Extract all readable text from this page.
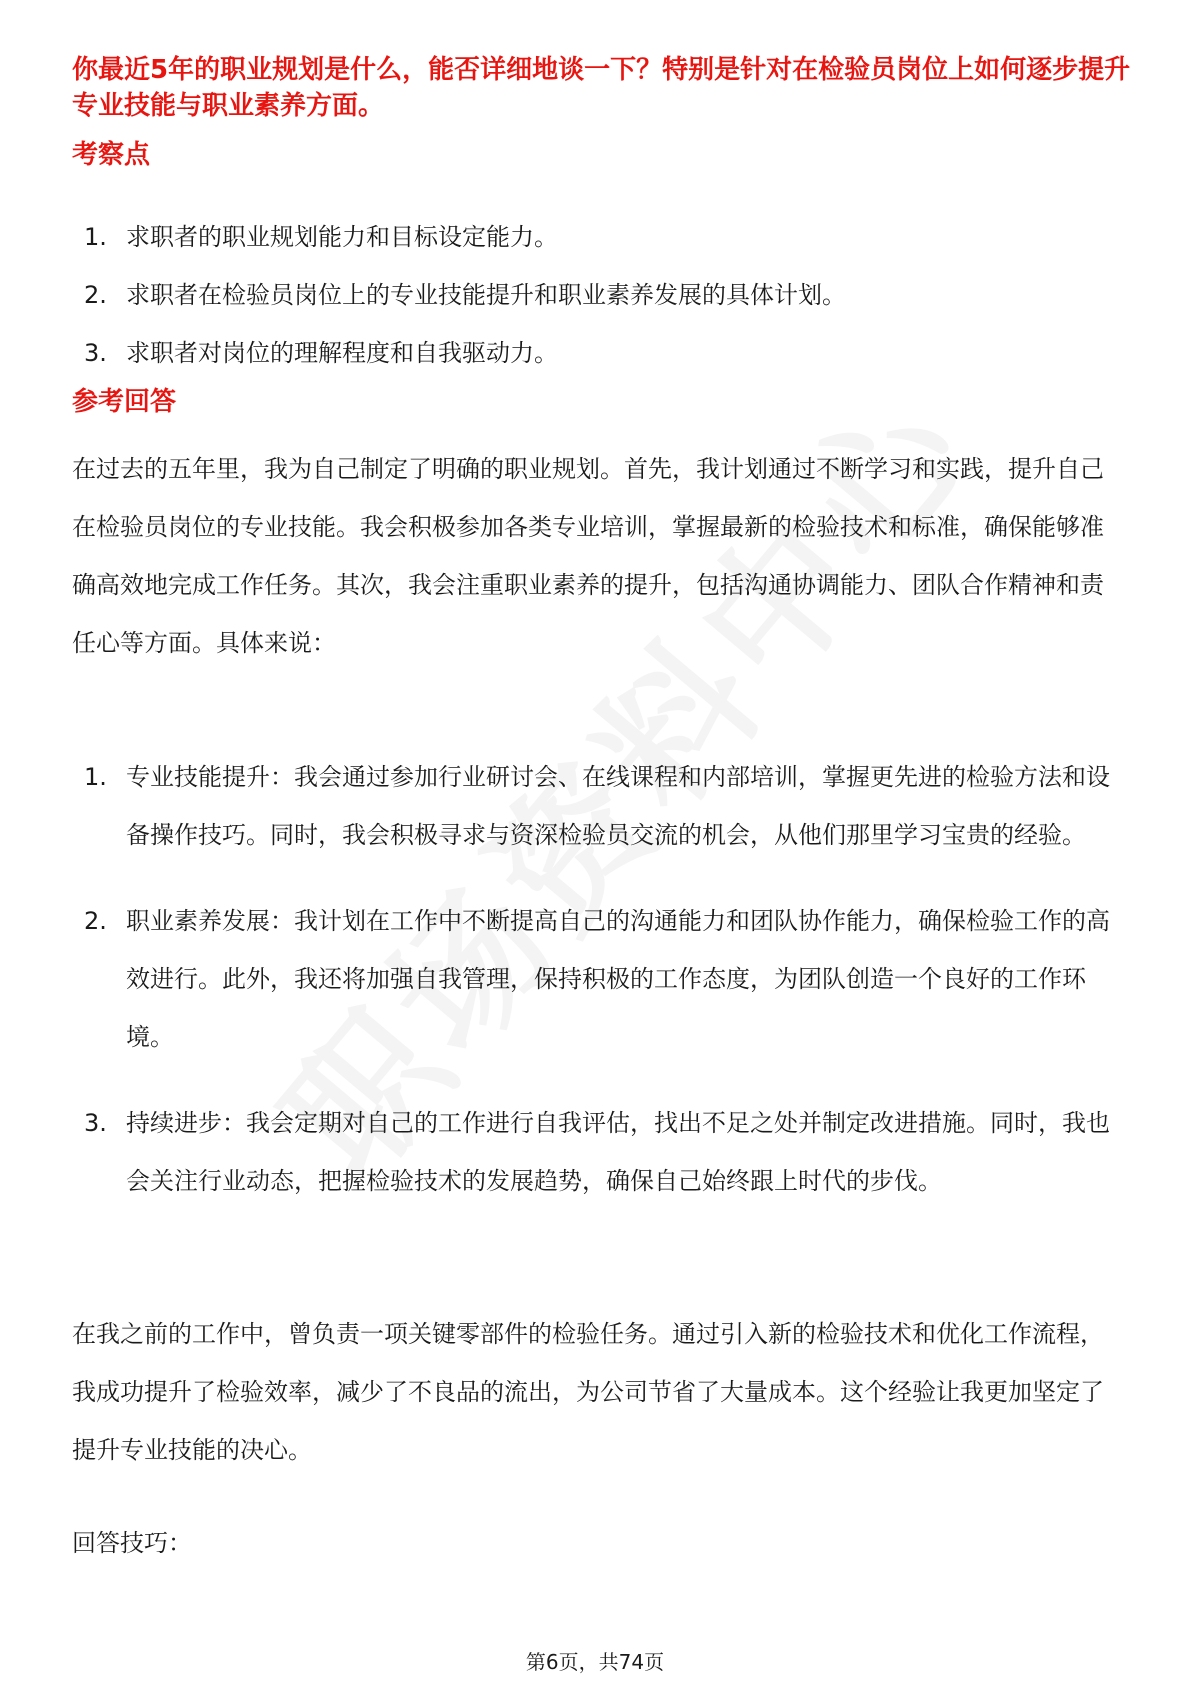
你最近5年的职业规划是什么，能否详细地谈一下？特别是针对在检验员岗位上如何逐步提升专业技能与职业素养方面。
考察点
1. 求职者的职业规划能力和目标设定能力。
2. 求职者在检验员岗位上的专业技能提升和职业素养发展的具体计划。
3. 求职者对岗位的理解程度和自我驱动力。
参考回答

在过去的五年里，我为自己制定了明确的职业规划。首先，我计划通过不断学习和实践，提升自己在检验员岗位的专业技能。我会积极参加各类专业培训，掌握最新的检验技术和标准，确保能够准确高效地完成工作任务。其次，我会注重职业素养的提升，包括沟通协调能力、团队合作精神和责任心等方面。具体来说：

1. 专业技能提升：我会通过参加行业研讨会、在线课程和内部培训，掌握更先进的检验方法和设备操作技巧。同时，我会积极寻求与资深检验员交流的机会，从他们那里学习宝贵的经验。
2. 职业素养发展：我计划在工作中不断提高自己的沟通能力和团队协作能力，确保检验工作的高效进行。此外，我还将加强自我管理，保持积极的工作态度，为团队创造一个良好的工作环境。
3. 持续进步：我会定期对自己的工作进行自我评估，找出不足之处并制定改进措施。同时，我也会关注行业动态，把握检验技术的发展趋势，确保自己始终跟上时代的步伐。

在我之前的工作中，曾负责一项关键零部件的检验任务。通过引入新的检验技术和优化工作流程，我成功提升了检验效率，减少了不良品的流出，为公司节省了大量成本。这个经验让我更加坚定了提升专业技能的决心。

回答技巧：

第6页，共74页
